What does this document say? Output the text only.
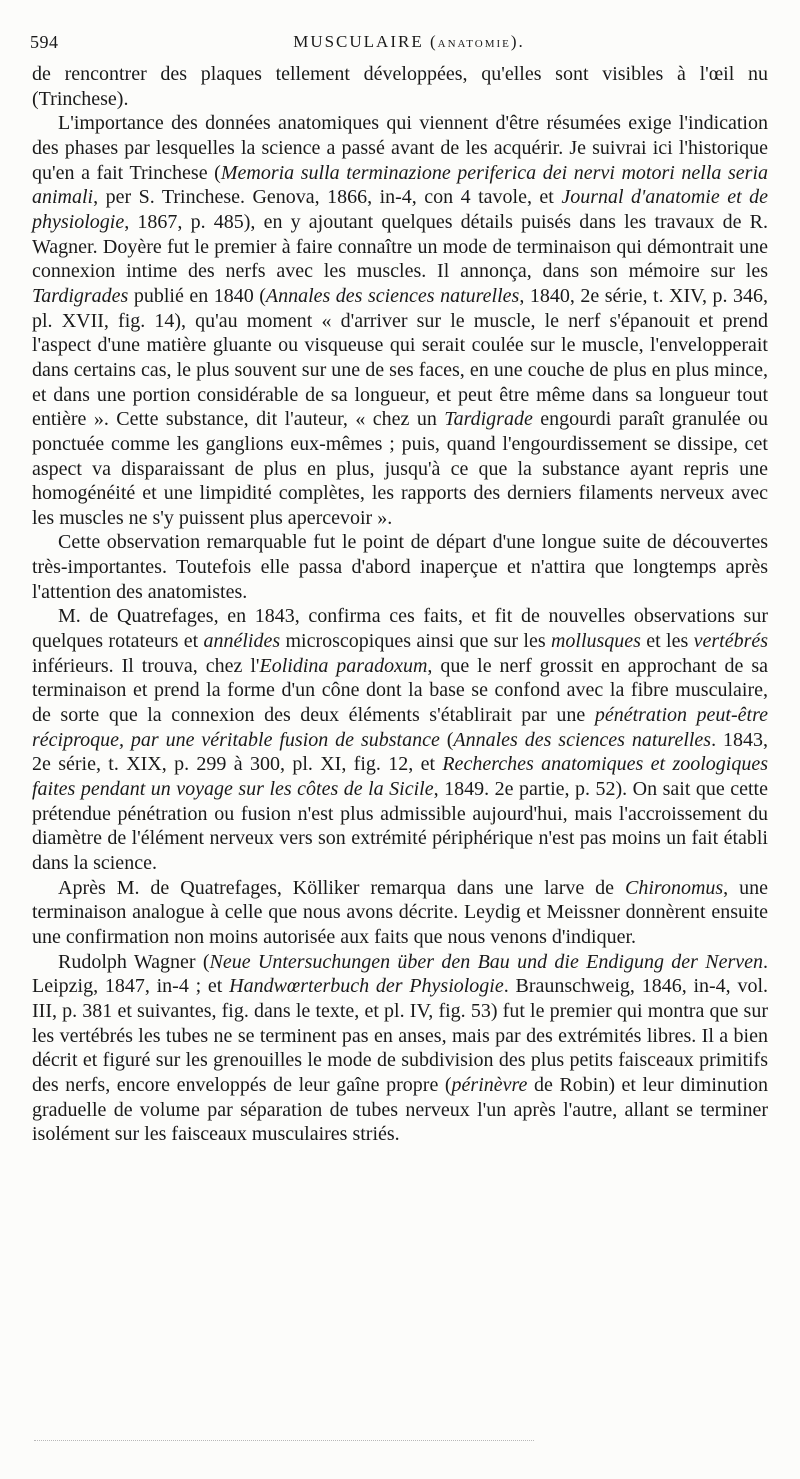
594	MUSCULAIRE (ANATOMIE).

de rencontrer des plaques tellement développées, qu'elles sont visibles à l'œil nu (Trinchese).

L'importance des données anatomiques qui viennent d'être résumées exige l'indication des phases par lesquelles la science a passé avant de les acquérir. Je suivrai ici l'historique qu'en a fait Trinchese (Memoria sulla terminazione periferica dei nervi motori nella seria animali, per S. Trinchese. Genova, 1866, in-4, con 4 tavole, et Journal d'anatomie et de physiologie, 1867, p. 485), en y ajoutant quelques détails puisés dans les travaux de R. Wagner. Doyère fut le premier à faire connaître un mode de terminaison qui démontrait une connexion intime des nerfs avec les muscles. Il annonça, dans son mémoire sur les Tardigrades publié en 1840 (Annales des sciences naturelles, 1840, 2e série, t. XIV, p. 346, pl. XVII, fig. 14), qu'au moment « d'arriver sur le muscle, le nerf s'épanouit et prend l'aspect d'une matière gluante ou visqueuse qui serait coulée sur le muscle, l'envelopperait dans certains cas, le plus souvent sur une de ses faces, en une couche de plus en plus mince, et dans une portion considérable de sa longueur, et peut être même dans sa longueur tout entière ». Cette substance, dit l'auteur, « chez un Tardigrade engourdi paraît granulée ou ponctuée comme les ganglions eux-mêmes ; puis, quand l'engourdissement se dissipe, cet aspect va disparaissant de plus en plus, jusqu'à ce que la substance ayant repris une homogénéité et une limpidité complètes, les rapports des derniers filaments nerveux avec les muscles ne s'y puissent plus apercevoir ».

Cette observation remarquable fut le point de départ d'une longue suite de découvertes très-importantes. Toutefois elle passa d'abord inaperçue et n'attira que longtemps après l'attention des anatomistes.

M. de Quatrefages, en 1843, confirma ces faits, et fit de nouvelles observations sur quelques rotateurs et annélides microscopiques ainsi que sur les mollusques et les vertébrés inférieurs. Il trouva, chez l'Eolidina paradoxum, que le nerf grossit en approchant de sa terminaison et prend la forme d'un cône dont la base se confond avec la fibre musculaire, de sorte que la connexion des deux éléments s'établirait par une pénétration peut-être réciproque, par une véritable fusion de substance (Annales des sciences naturelles. 1843, 2e série, t. XIX, p. 299 à 300, pl. XI, fig. 12, et Recherches anatomiques et zoologiques faites pendant un voyage sur les côtes de la Sicile, 1849. 2e partie, p. 52). On sait que cette prétendue pénétration ou fusion n'est plus admissible aujourd'hui, mais l'accroissement du diamètre de l'élément nerveux vers son extrémité périphérique n'est pas moins un fait établi dans la science.

Après M. de Quatrefages, Kölliker remarqua dans une larve de Chironomus, une terminaison analogue à celle que nous avons décrite. Leydig et Meissner donnèrent ensuite une confirmation non moins autorisée aux faits que nous venons d'indiquer.

Rudolph Wagner (Neue Untersuchungen über den Bau und die Endigung der Nerven. Leipzig, 1847, in-4 ; et Handwœrterbuch der Physiologie. Braunschweig, 1846, in-4, vol. III, p. 381 et suivantes, fig. dans le texte, et pl. IV, fig. 53) fut le premier qui montra que sur les vertébrés les tubes ne se terminent pas en anses, mais par des extrémités libres. Il a bien décrit et figuré sur les grenouilles le mode de subdivision des plus petits faisceaux primitifs des nerfs, encore enveloppés de leur gaîne propre (périnèvre de Robin) et leur diminution graduelle de volume par séparation de tubes nerveux l'un après l'autre, allant se terminer isolément sur les faisceaux musculaires striés.
